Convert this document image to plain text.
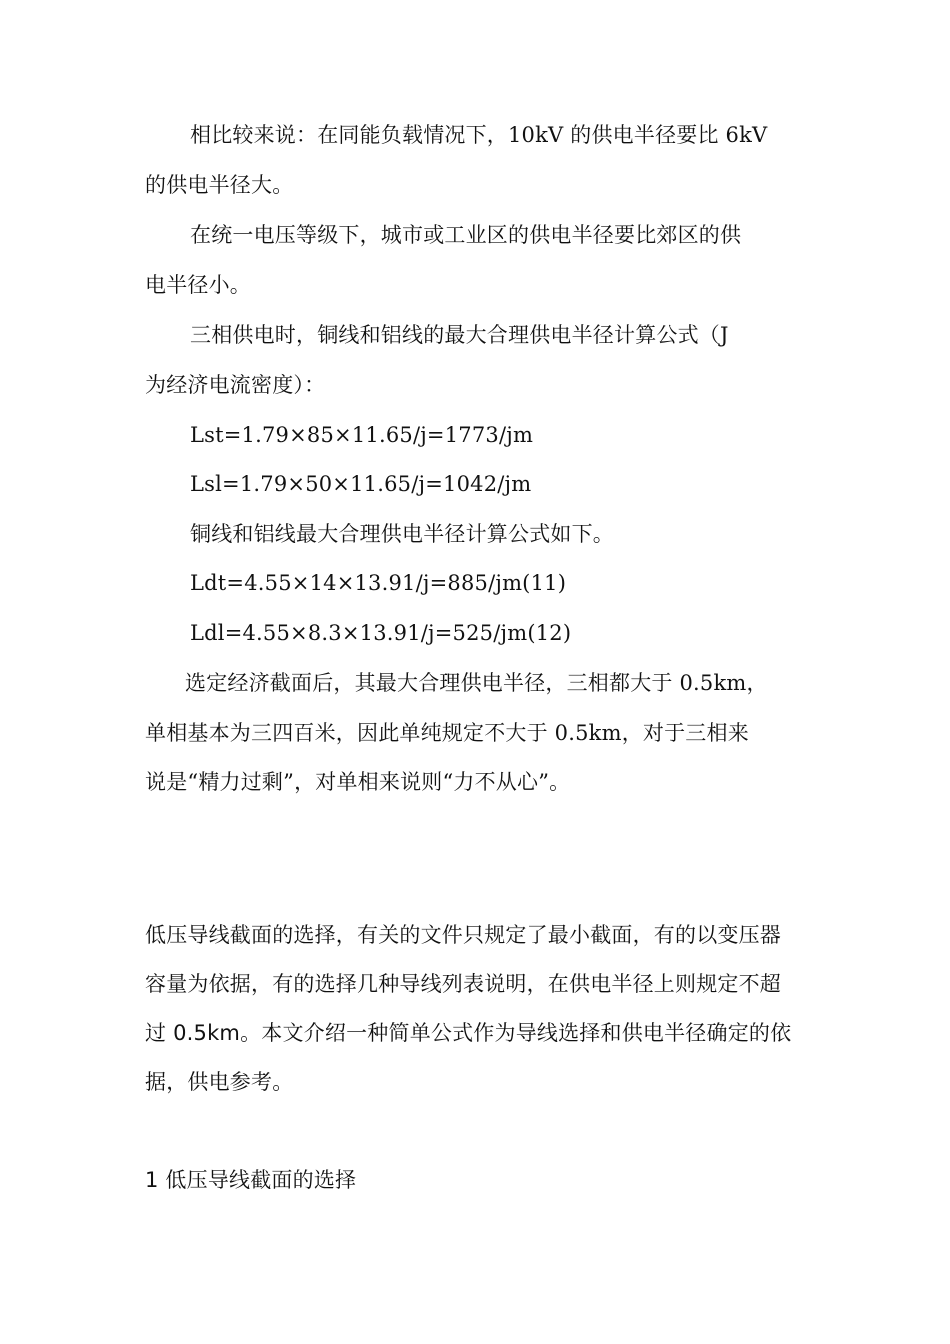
相比较来说：在同能负载情况下，10kV 的供电半径要比 6kV
的供电半径大。
在统一电压等级下，城市或工业区的供电半径要比郊区的供
电半径小。
三相供电时，铜线和铝线的最大合理供电半径计算公式（J
为经济电流密度）：
Lst=1.79×85×11.65/j=1773/jm
Lsl=1.79×50×11.65/j=1042/jm
铜线和铝线最大合理供电半径计算公式如下。
Ldt=4.55×14×13.91/j=885/jm(11)
Ldl=4.55×8.3×13.91/j=525/jm(12)
选定经济截面后，其最大合理供电半径，三相都大于 0.5km，
单相基本为三四百米，因此单纯规定不大于 0.5km，对于三相来
说是“精力过剩”，对单相来说则“力不从心”。
低压导线截面的选择，有关的文件只规定了最小截面，有的以变压器
容量为依据，有的选择几种导线列表说明，在供电半径上则规定不超
过 0.5km。本文介绍一种简单公式作为导线选择和供电半径确定的依
据，供电参考。
1 低压导线截面的选择
